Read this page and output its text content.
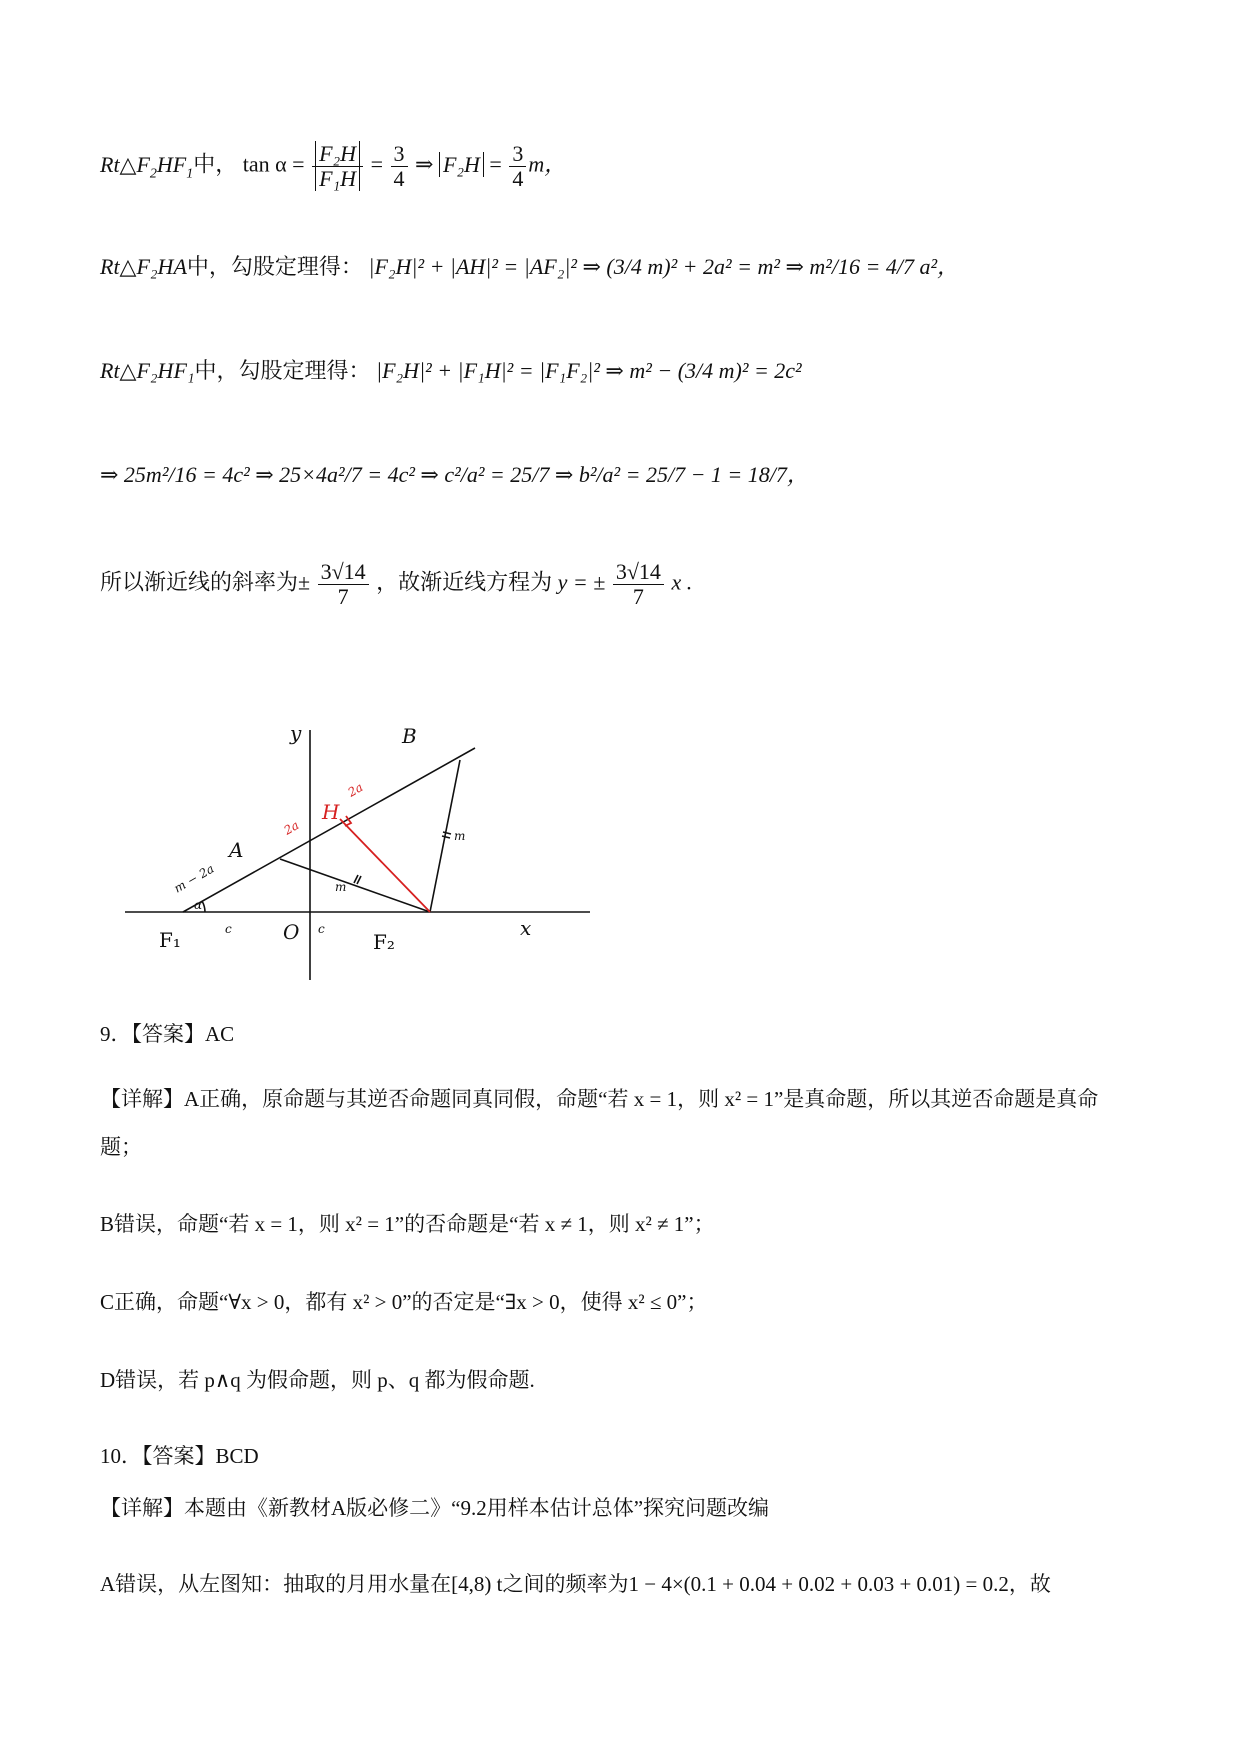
$Rt\triangle F_2HF_1$中， $\tan \alpha = \frac{\text{F₂H}}{\text{F₁H}} = \frac{3}{4}$ ⇒ $F_2H = \frac{3}{4}$ m，
Rt△F₂HA中，勾股定理得： |F₂H|² + |AH|² = |AF₂|² ⇒ (3/4 m)² + 2a² = m² ⇒ m²/16 = 4/7 a²，
Rt△F₂HF₁中，勾股定理得： |F₂H|² + |F₁H|² = |F₁F₂|² ⇒ m² − (3/4 m)² = 2c²
⇒ 25m²/16 = 4c² ⇒ 25×4a²/7 = 4c² ⇒ c²/a² = 25/7 ⇒ b²/a² = 25/7 − 1 = 18/7，
所以渐近线的斜率为± $\frac{3√14}{7}$ ，故渐近线方程为 y = ± $\frac{3√14}{7}$ x .
y
x
B
H
A
F₁	O	F₂
c	c
α
m − 2a
2a
2a
m
m
9．【答案】AC
【详解】A正确，原命题与其逆否命题同真同假，命题“若 x = 1，则 x² = 1”是真命题，所以其逆否命题是真命题；
B错误，命题“若 x = 1，则 x² = 1”的否命题是“若 x ≠ 1，则 x² ≠ 1”；
C正确，命题“∀x > 0，都有 x² > 0”的否定是“∃x > 0，使得 x² ≤ 0”；
D错误，若 p∧q 为假命题，则 p、q 都为假命题.
10．【答案】BCD
【详解】本题由《新教材A版必修二》“9.2用样本估计总体”探究问题改编
A错误，从左图知：抽取的月用水量在[4,8) t之间的频率为1 − 4×(0.1 + 0.04 + 0.02 + 0.03 + 0.01) = 0.2，故
